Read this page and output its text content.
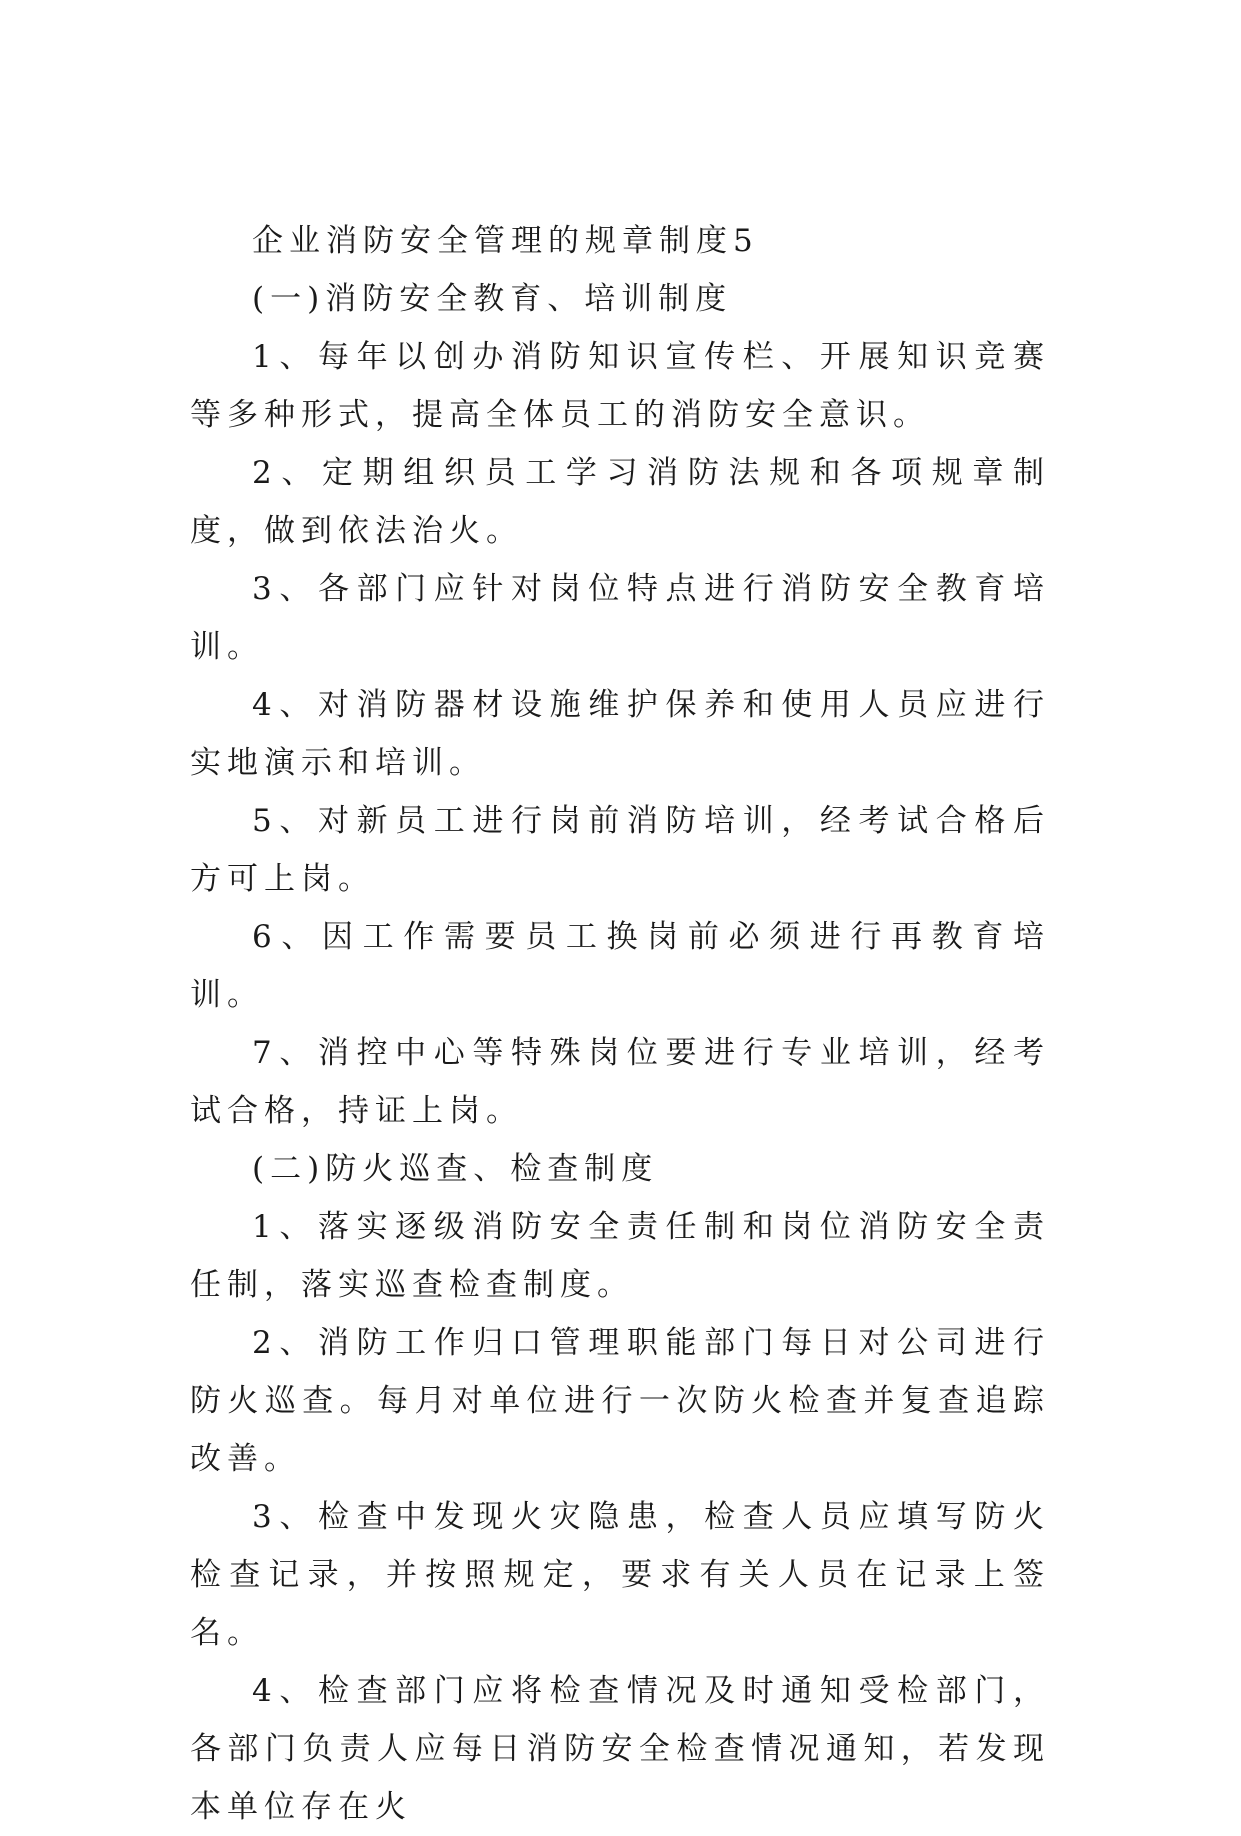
企业消防安全管理的规章制度5

(一)消防安全教育、培训制度

1、每年以创办消防知识宣传栏、开展知识竞赛等多种形式，提高全体员工的消防安全意识。

2、定期组织员工学习消防法规和各项规章制度，做到依法治火。

3、各部门应针对岗位特点进行消防安全教育培训。

4、对消防器材设施维护保养和使用人员应进行实地演示和培训。

5、对新员工进行岗前消防培训，经考试合格后方可上岗。

6、因工作需要员工换岗前必须进行再教育培训。

7、消控中心等特殊岗位要进行专业培训，经考试合格，持证上岗。

(二)防火巡查、检查制度

1、落实逐级消防安全责任制和岗位消防安全责任制，落实巡查检查制度。

2、消防工作归口管理职能部门每日对公司进行防火巡查。每月对单位进行一次防火检查并复查追踪改善。

3、检查中发现火灾隐患，检查人员应填写防火检查记录，并按照规定，要求有关人员在记录上签名。

4、检查部门应将检查情况及时通知受检部门，各部门负责人应每日消防安全检查情况通知，若发现本单位存在火
